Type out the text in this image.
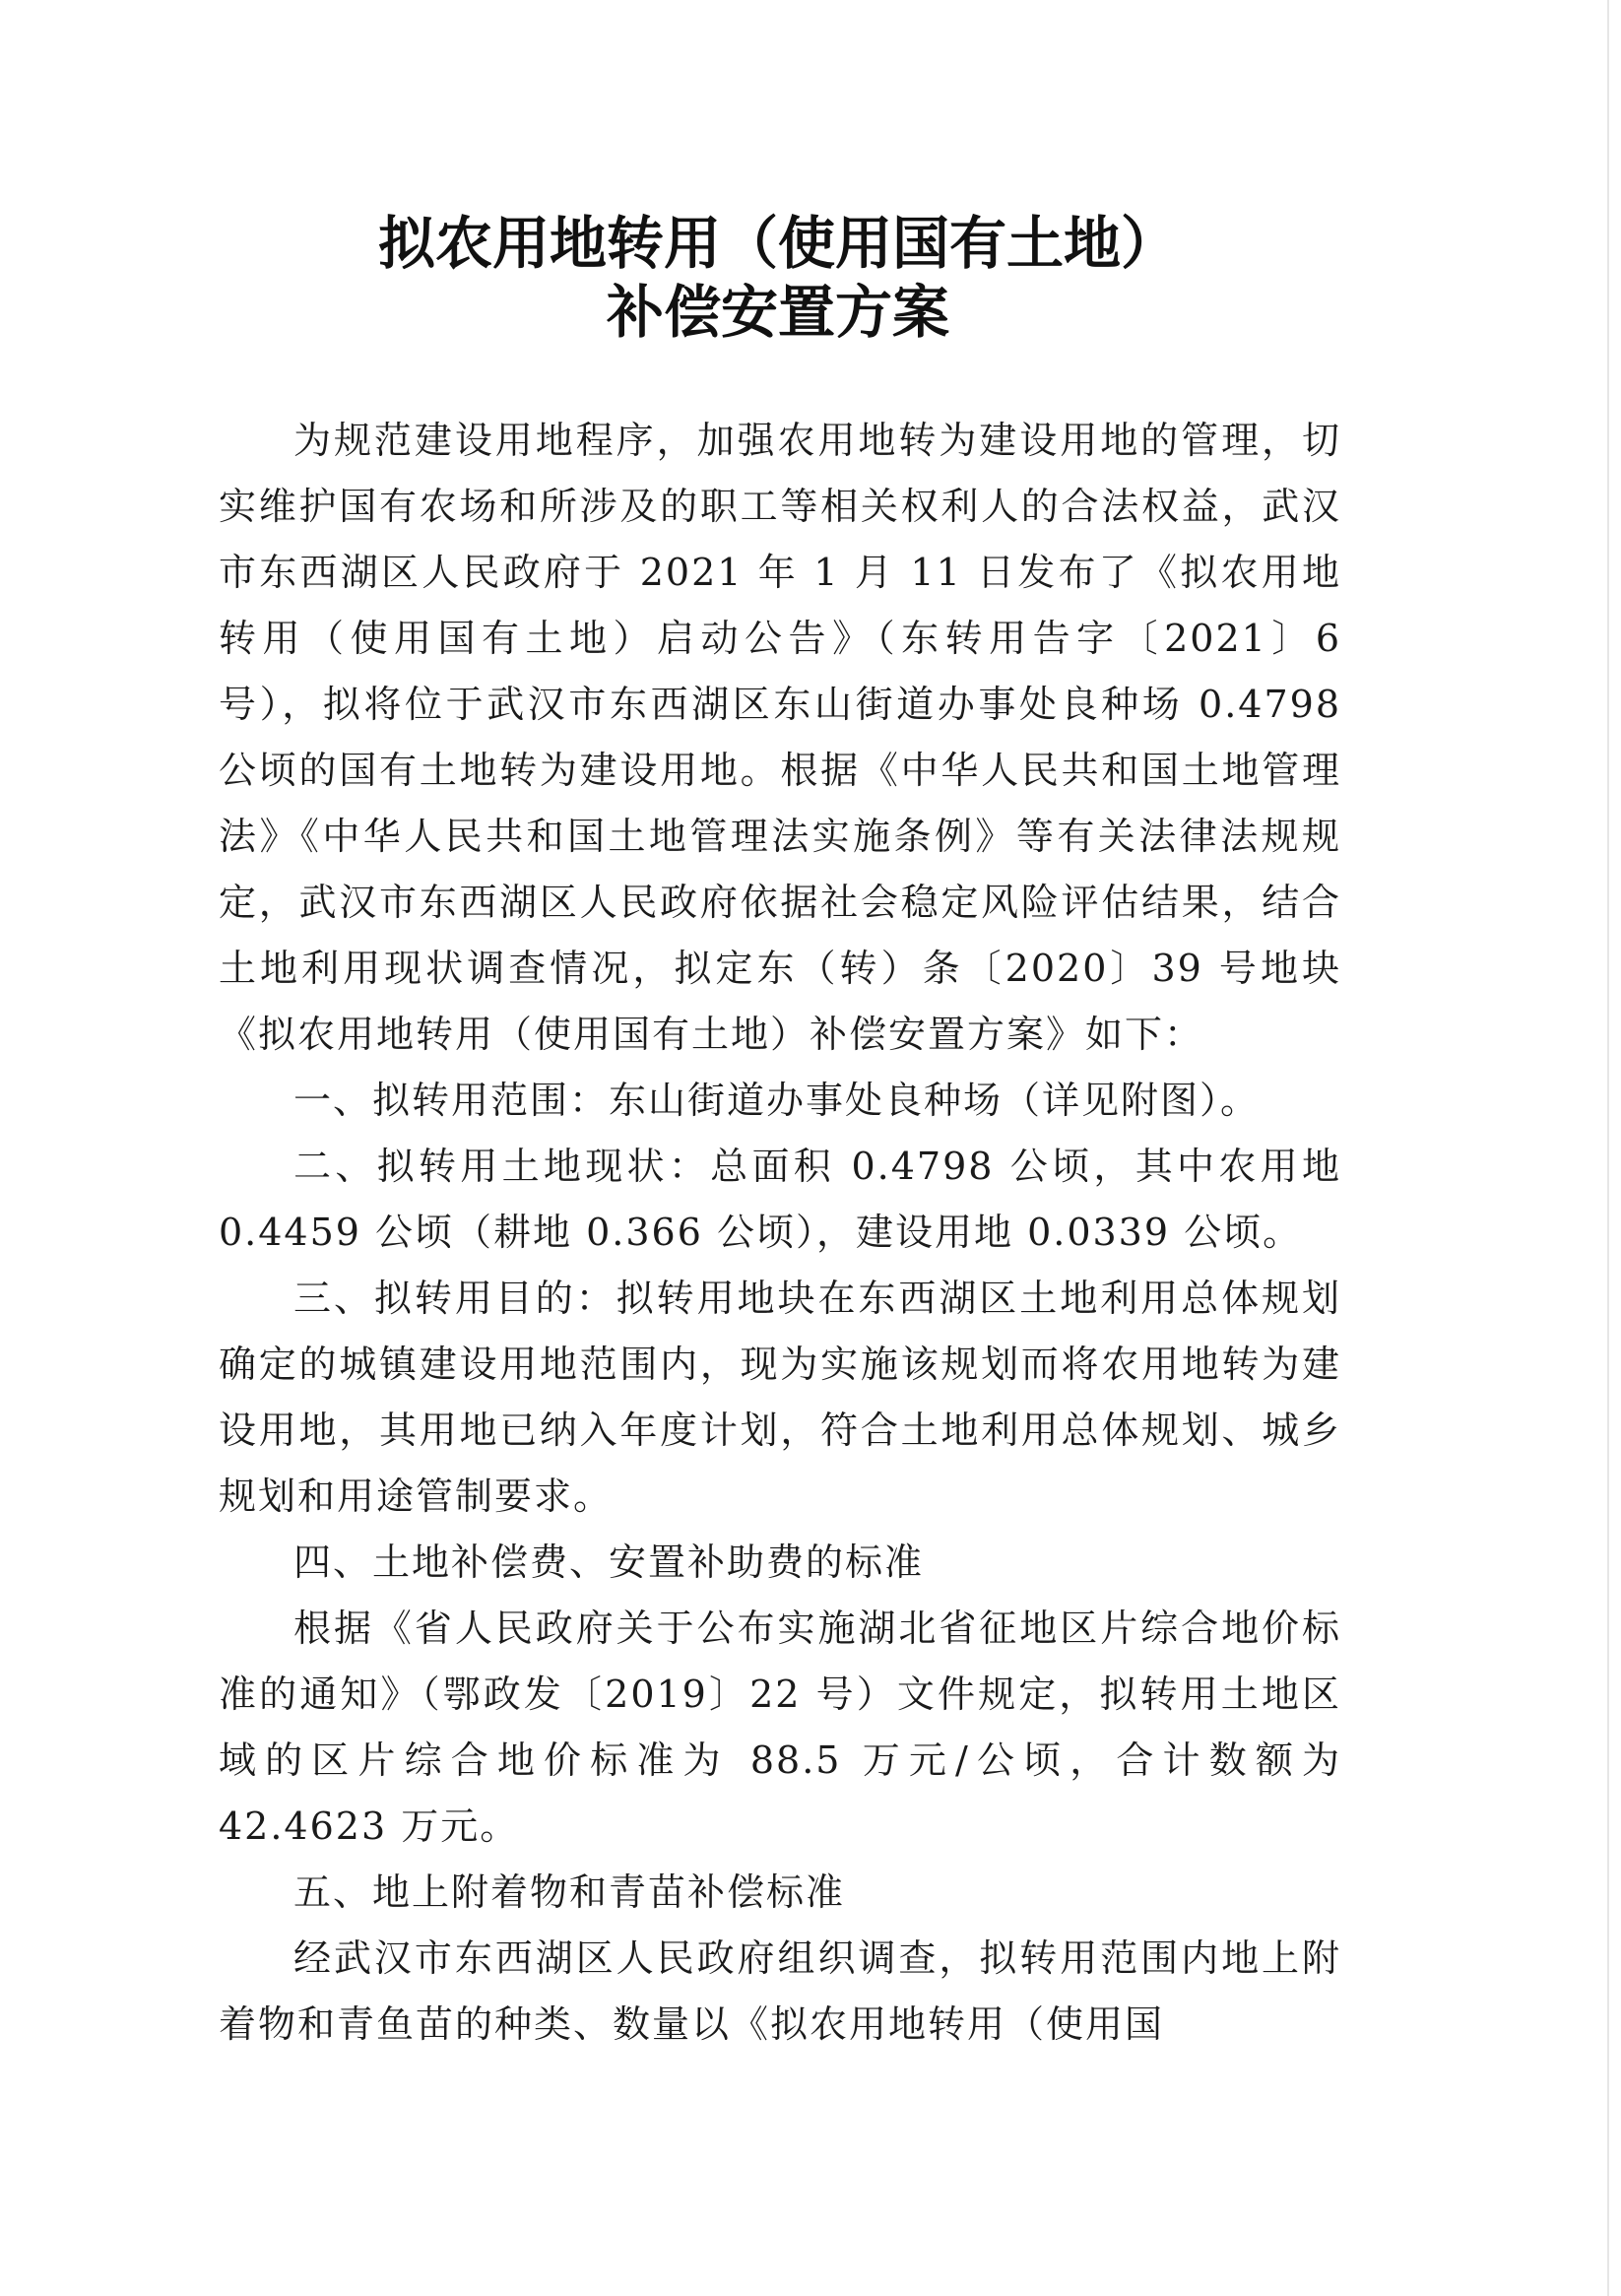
拟农用地转用（使用国有土地）
补偿安置方案

为规范建设用地程序，加强农用地转为建设用地的管理，切实维护国有农场和所涉及的职工等相关权利人的合法权益，武汉市东西湖区人民政府于 2021 年 1 月 11 日发布了《拟农用地转用（使用国有土地）启动公告》（东转用告字〔2021〕6 号），拟将位于武汉市东西湖区东山街道办事处良种场 0.4798 公顷的国有土地转为建设用地。根据《中华人民共和国土地管理法》《中华人民共和国土地管理法实施条例》等有关法律法规规定，武汉市东西湖区人民政府依据社会稳定风险评估结果，结合土地利用现状调查情况，拟定东（转）条〔2020〕39 号地块《拟农用地转用（使用国有土地）补偿安置方案》如下：

一、拟转用范围：东山街道办事处良种场（详见附图）。

二、拟转用土地现状：总面积 0.4798 公顷，其中农用地 0.4459 公顷（耕地 0.366 公顷），建设用地 0.0339 公顷。

三、拟转用目的：拟转用地块在东西湖区土地利用总体规划确定的城镇建设用地范围内，现为实施该规划而将农用地转为建设用地，其用地已纳入年度计划，符合土地利用总体规划、城乡规划和用途管制要求。

四、土地补偿费、安置补助费的标准

根据《省人民政府关于公布实施湖北省征地区片综合地价标准的通知》（鄂政发〔2019〕22 号）文件规定，拟转用土地区域的区片综合地价标准为 88.5 万元/公顷，合计数额为 42.4623 万元。

五、地上附着物和青苗补偿标准

经武汉市东西湖区人民政府组织调查，拟转用范围内地上附着物和青鱼苗的种类、数量以《拟农用地转用（使用国
